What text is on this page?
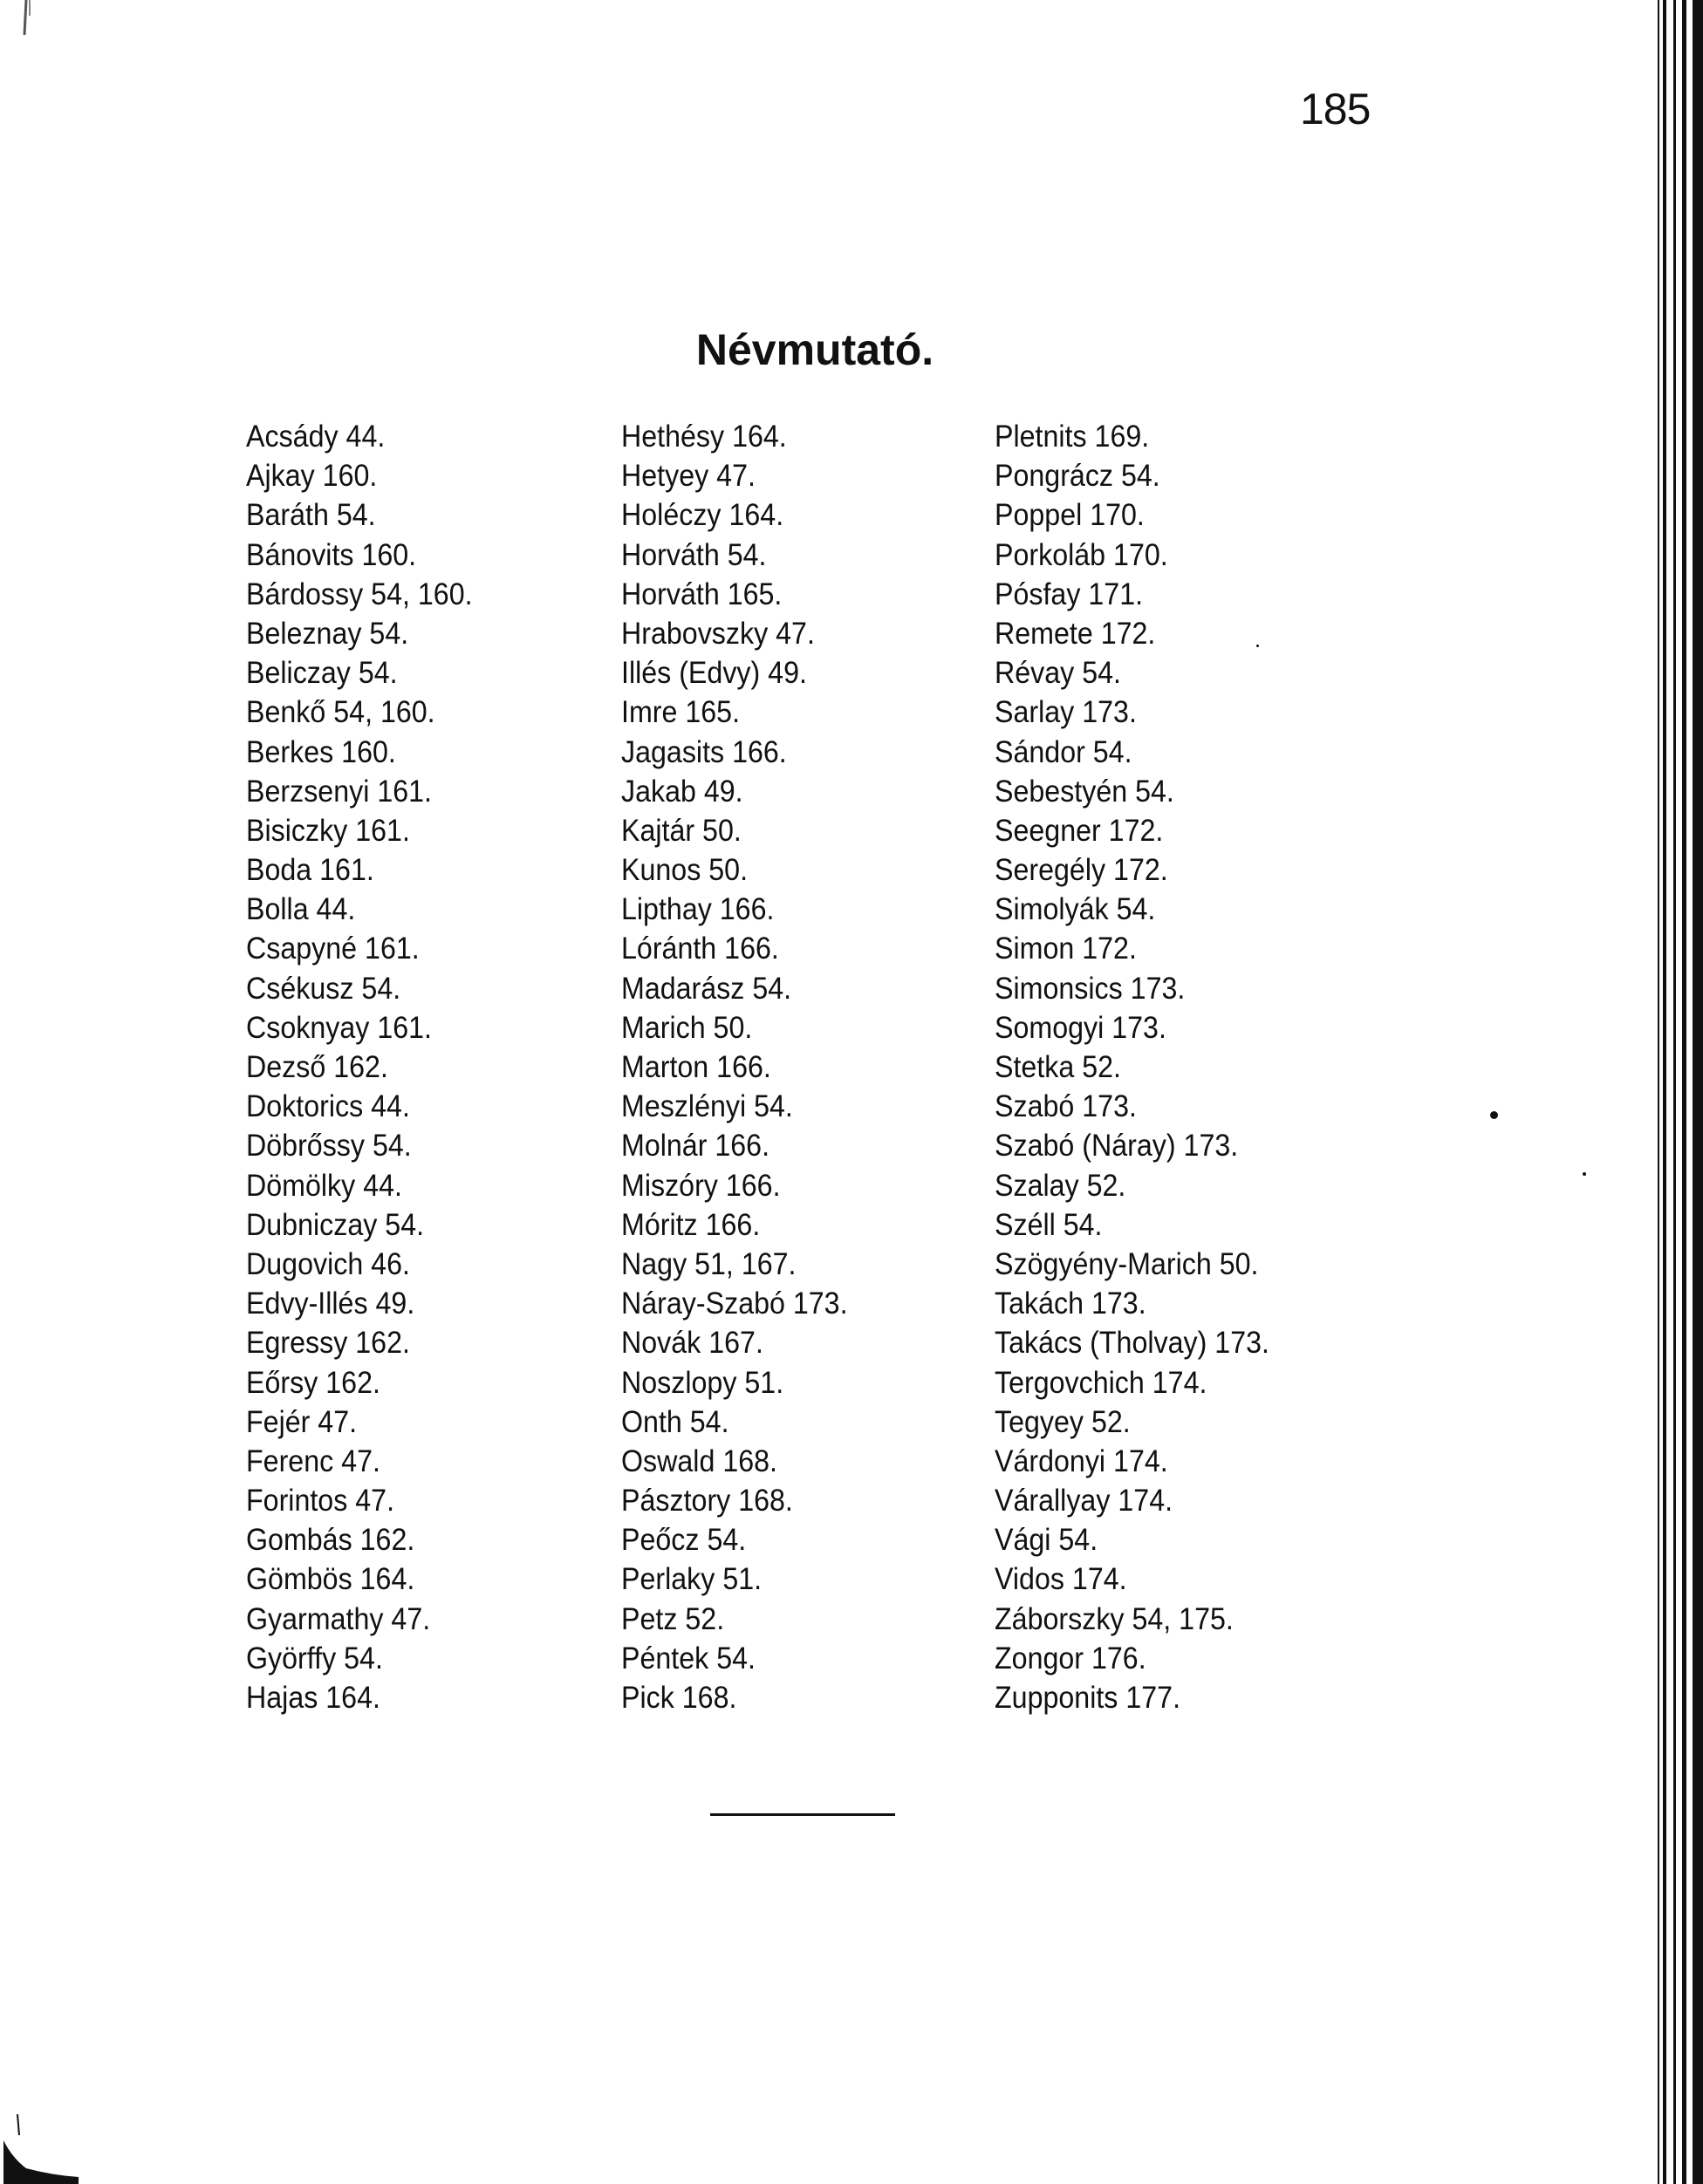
185
Névmutató.
Acsády 44.
Ajkay 160.
Baráth 54.
Bánovits 160.
Bárdossy 54, 160.
Beleznay 54.
Beliczay 54.
Benkő 54, 160.
Berkes 160.
Berzsenyi 161.
Bisiczky 161.
Boda 161.
Bolla 44.
Csapyné 161.
Csékusz 54.
Csoknyay 161.
Dezső 162.
Doktorics 44.
Döbrőssy 54.
Dömölky 44.
Dubniczay 54.
Dugovich 46.
Edvy-Illés 49.
Egressy 162.
Eőrsy 162.
Fejér 47.
Ferenc 47.
Forintos 47.
Gombás 162.
Gömbös 164.
Gyarmathy 47.
Györffy 54.
Hajas 164.
Hethésy 164.
Hetyey 47.
Holéczy 164.
Horváth 54.
Horváth 165.
Hrabovszky 47.
Illés (Edvy) 49.
Imre 165.
Jagasits 166.
Jakab 49.
Kajtár 50.
Kunos 50.
Lipthay 166.
Lóránth 166.
Madarász 54.
Marich 50.
Marton 166.
Meszlényi 54.
Molnár 166.
Miszóry 166.
Móritz 166.
Nagy 51, 167.
Náray-Szabó 173.
Novák 167.
Noszlopy 51.
Onth 54.
Oswald 168.
Pásztory 168.
Peőcz 54.
Perlaky 51.
Petz 52.
Péntek 54.
Pick 168.
Pletnits 169.
Pongrácz 54.
Poppel 170.
Porkoláb 170.
Pósfay 171.
Remete 172.
Révay 54.
Sarlay 173.
Sándor 54.
Sebestyén 54.
Seegner 172.
Seregély 172.
Simolyák 54.
Simon 172.
Simonsics 173.
Somogyi 173.
Stetka 52.
Szabó 173.
Szabó (Náray) 173.
Szalay 52.
Széll 54.
Szögyény-Marich 50.
Takách 173.
Takács (Tholvay) 173.
Tergovchich 174.
Tegyey 52.
Várdonyi 174.
Várallyay 174.
Vági 54.
Vidos 174.
Záborszky 54, 175.
Zongor 176.
Zupponits 177.
